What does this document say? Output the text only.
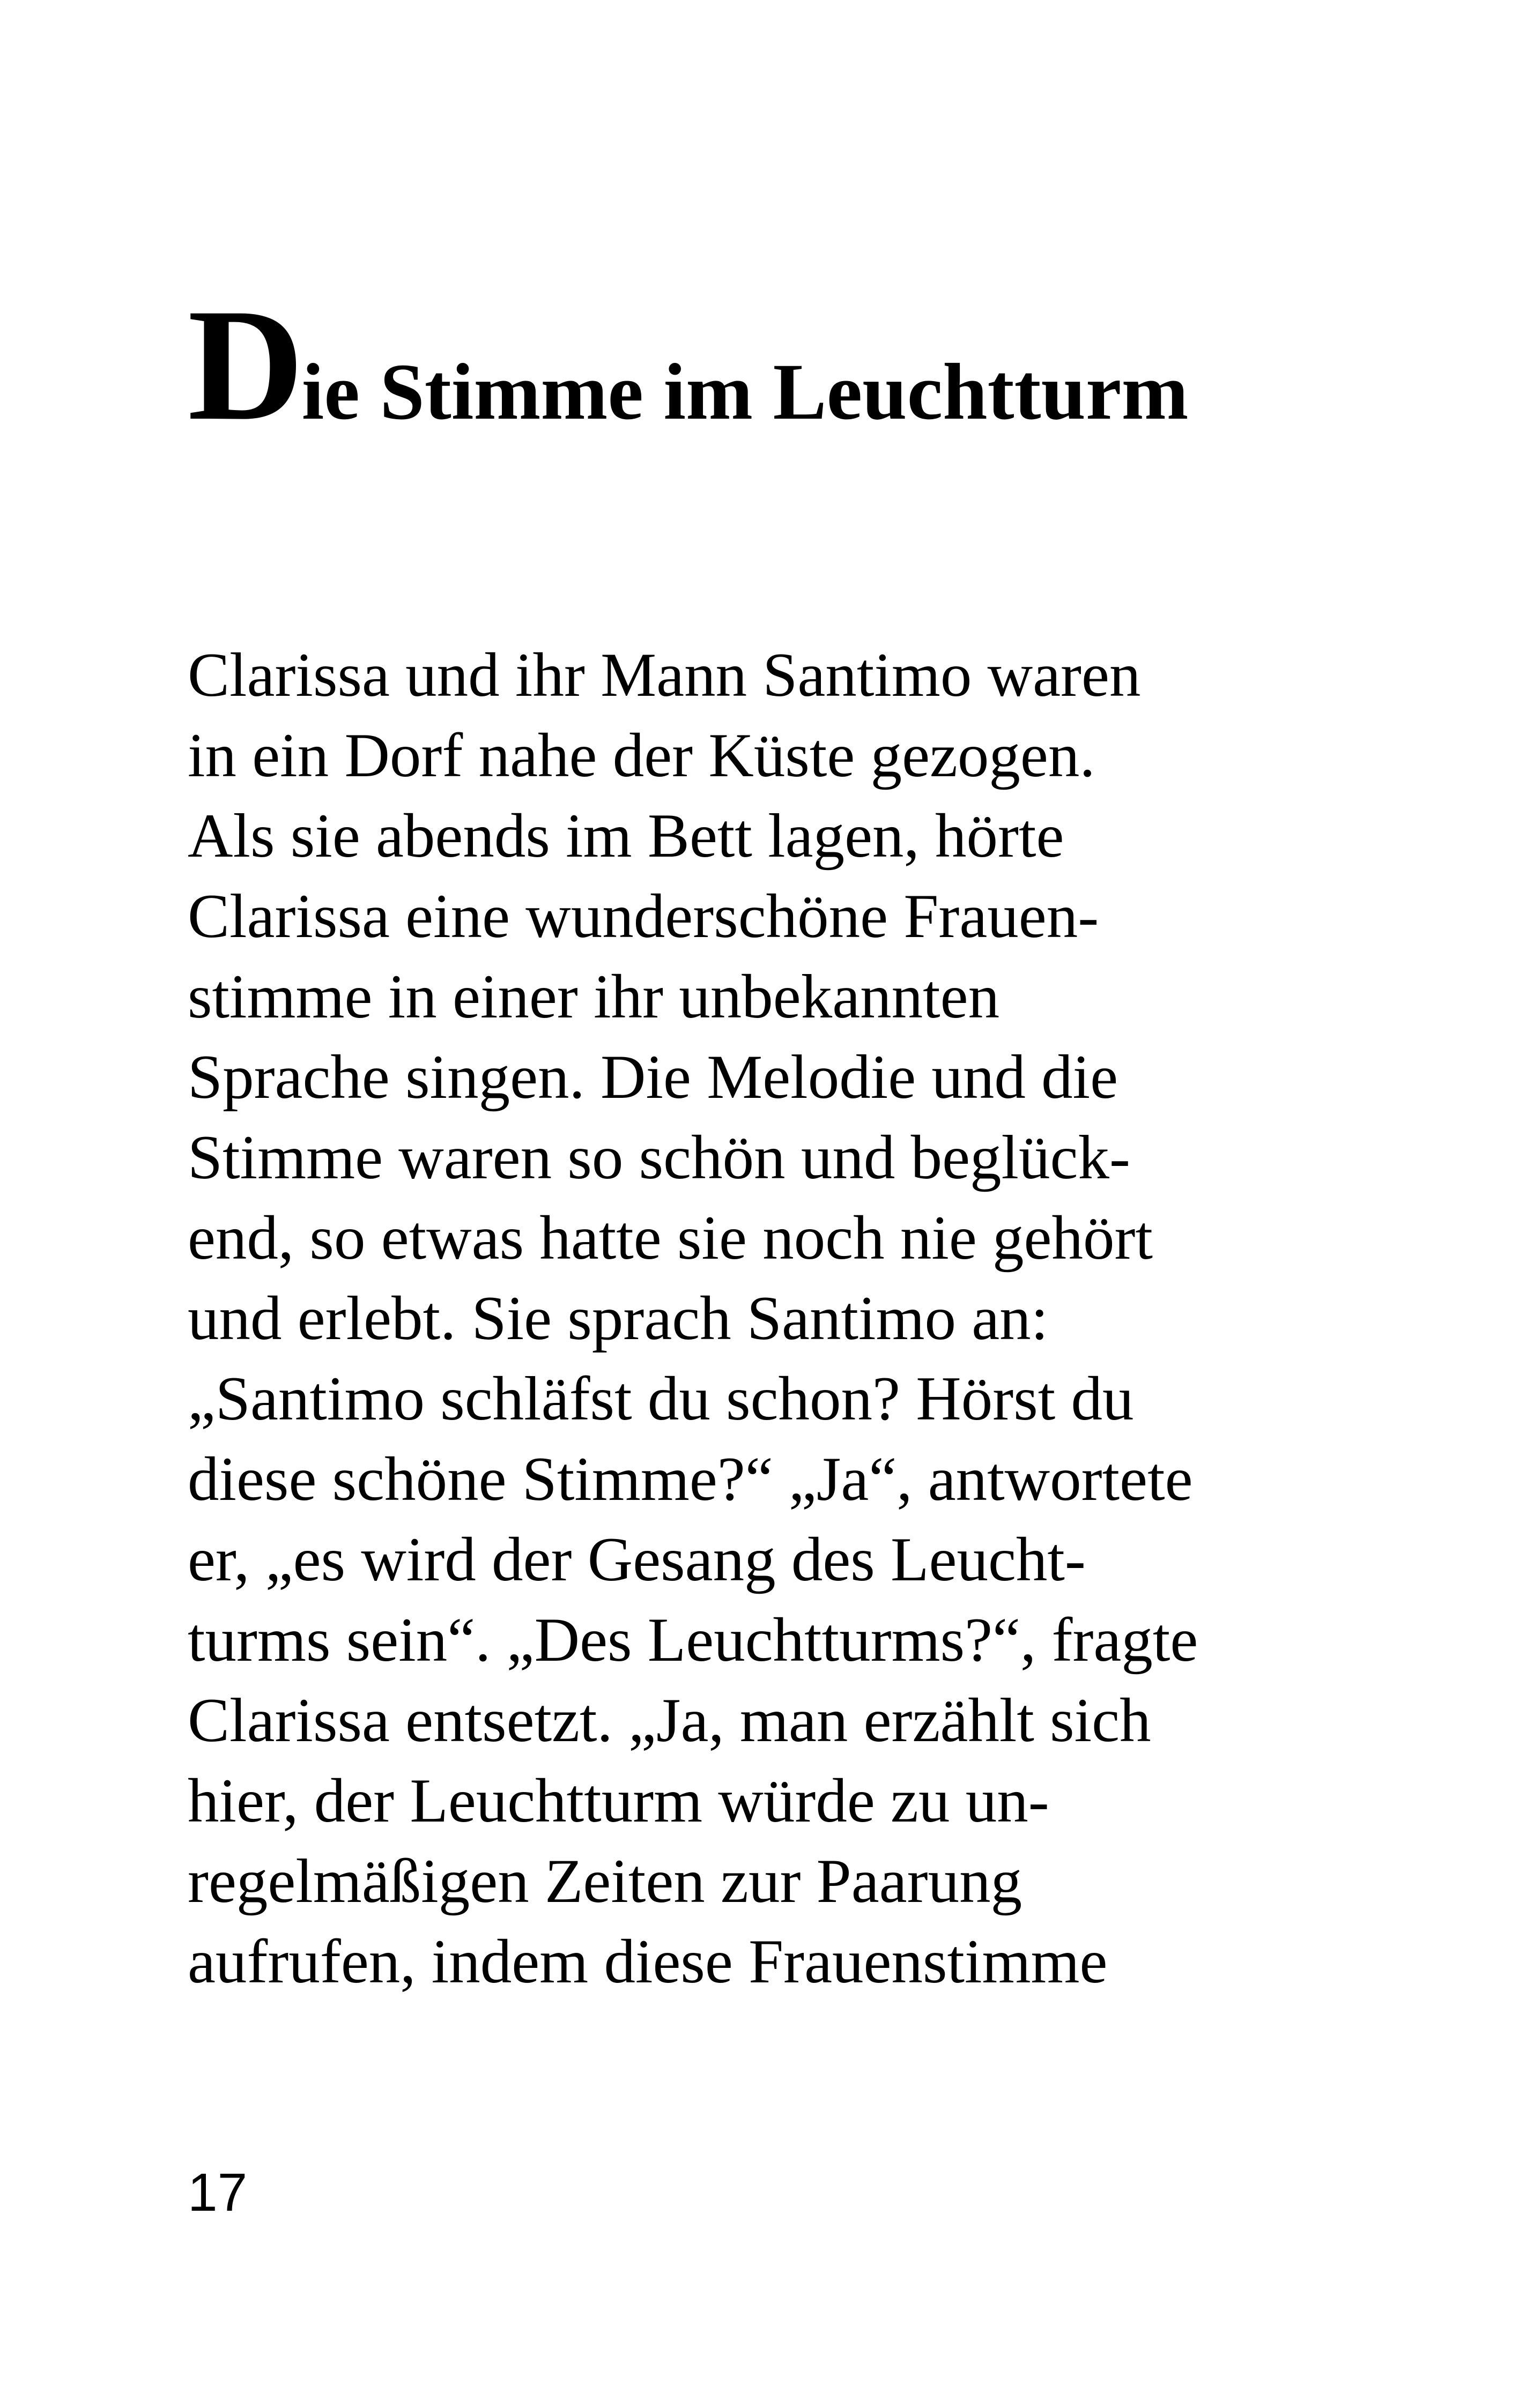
Die Stimme im Leuchtturm
Clarissa und ihr Mann Santimo waren
in ein Dorf nahe der Küste gezogen.
Als sie abends im Bett lagen, hörte
Clarissa eine wunderschöne Frauen-
stimme in einer ihr unbekannten
Sprache singen. Die Melodie und die
Stimme waren so schön und beglück-
end, so etwas hatte sie noch nie gehört
und erlebt. Sie sprach Santimo an:
„Santimo schläfst du schon? Hörst du
diese schöne Stimme?“ „Ja“, antwortete
er, „es wird der Gesang des Leucht-
turms sein“. „Des Leuchtturms?“, fragte
Clarissa entsetzt. „Ja, man erzählt sich
hier, der Leuchtturm würde zu un-
regelmäßigen Zeiten zur Paarung
aufrufen, indem diese Frauenstimme
17
